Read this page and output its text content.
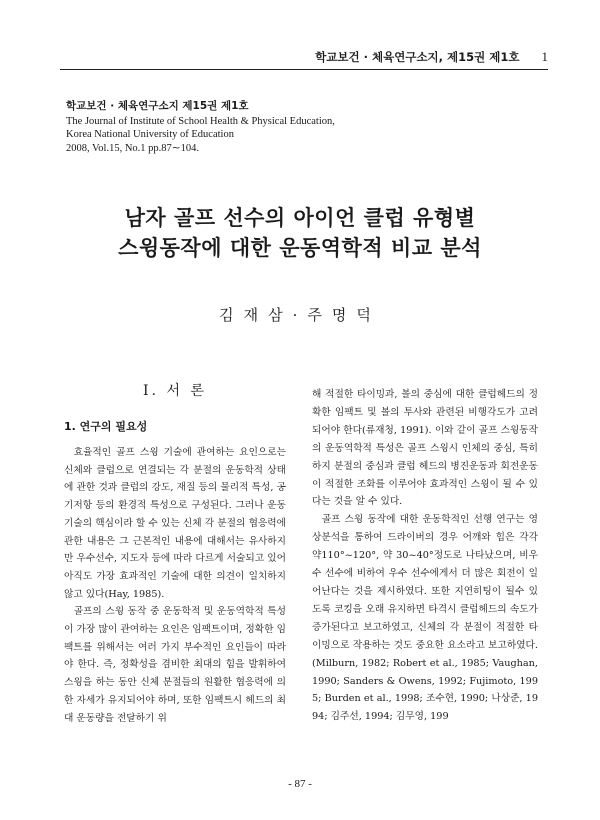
학교보건 · 체육연구소지, 제15권 제1호 1
학교보건 · 체육연구소지 제15권 제1호
The Journal of Institute of School Health & Physical Education,
Korea National University of Education
2008, Vol.15, No.1 pp.87∼104.
남자 골프 선수의 아이언 클럽 유형별
스윙동작에 대한 운동역학적 비교 분석
김재삼·주명덕
I. 서 론
1. 연구의 필요성

효율적인 골프 스윙 기술에 관여하는 요인으로는 신체와 클럽으로 연결되는 각 분절의 운동학적 상태에 관한 것과 클럽의 강도, 재질 등의 물리적 특성, 공기저항 등의 환경적 특성으로 구성된다. 그러나 운동기술의 핵심이라 할 수 있는 신체 각 분절의 협응력에 관한 내용은 그 근본적인 내용에 대해서는 유사하지만 우수선수, 지도자 등에 따라 다르게 서술되고 있어 아직도 가장 효과적인 기술에 대한 의견이 일치하지 않고 있다(Hay, 1985).

골프의 스윙 동작 중 운동학적 및 운동역학적 특성이 가장 많이 관여하는 요인은 임팩트이며, 정확한 임팩트를 위해서는 여러 가지 부수적인 요인들이 따라야 한다. 즉, 정확성을 겸비한 최대의 힘을 발휘하여 스윙을 하는 동안 신체 분절들의 원활한 협응력에 의한 자세가 유지되어야 하며, 또한 임팩트시 헤드의 최대 운동량을 전달하기 위

해 적절한 타이밍과, 볼의 중심에 대한 클럽헤드의 정확한 임팩트 및 볼의 투사와 관련된 비행각도가 고려되어야 한다(류재청, 1991). 이와 같이 골프 스윙동작의 운동역학적 특성은 골프 스윙시 인체의 중심, 특히 하지 분절의 중심과 클럽 헤드의 병진운동과 회전운동이 적절한 조화를 이루어야 효과적인 스윙이 될 수 있다는 것을 알 수 있다.

골프 스윙 동작에 대한 운동학적인 선행 연구는 영상분석을 통하여 드라이버의 경우 어깨와 힙은 각각 약110°~120°, 약 30~40°정도로 나타났으며, 비우수 선수에 비하여 우수 선수에게서 더 많은 회전이 일어난다는 것을 제시하였다. 또한 지연히팅이 될수 있도록 코킹을 오래 유지하면 타격시 클럽헤드의 속도가 증가된다고 보고하였고, 신체의 각 분절이 적절한 타이밍으로 작용하는 것도 중요한 요소라고 보고하였다. (Milburn, 1982; Robert et al., 1985; Vaughan, 1990; Sanders & Owens, 1992; Fujimoto, 1995; Burden et al., 1998; 조수현, 1990; 나상준, 1994; 김주선, 1994; 김무영, 199

- 87 -
